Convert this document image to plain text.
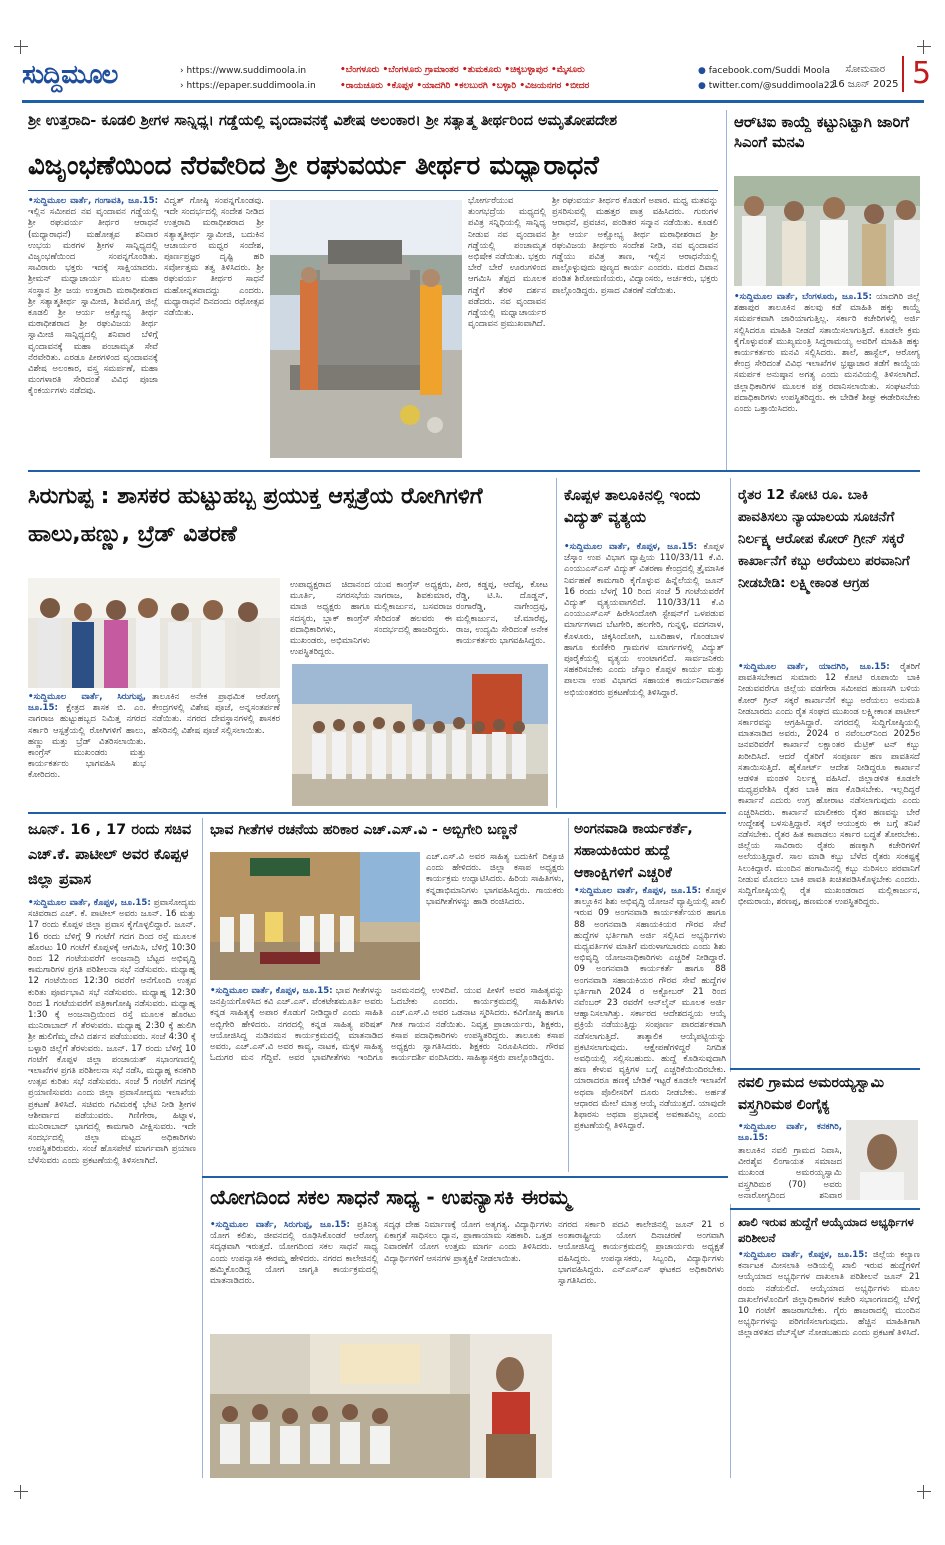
ಸುದ್ದಿಮೂಲ	› https://www.suddimoola.in
› https://epaper.suddimoola.in
•ಬೆಂಗಳೂರು •ಬೆಂಗಳೂರು ಗ್ರಾಮಾಂತರ •ತುಮಕೂರು •ಚಿಕ್ಕಬಳ್ಳಾಪುರ •ಮೈಸೂರು
•ರಾಯಚೂರು •ಕೊಪ್ಪಳ •ಯಾದಗಿರಿ •ಕಲಬುರಗಿ •ಬಳ್ಳಾರಿ •ವಿಜಯನಗರ •ಬೀದರ
● facebook.com/Suddi Moola
● twitter.com/@suddimoola22
ಸೋಮವಾರ
16 ಜೂನ್ 2025 5
ಶ್ರೀ ಉತ್ತರಾದಿ- ಕೂಡಲಿ ಶ್ರೀಗಳ ಸಾನ್ನಿಧ್ಯ। ಗಡ್ಡೆಯಲ್ಲಿ ವೃಂದಾವನಕ್ಕೆ ವಿಶೇಷ ಅಲಂಕಾರ। ಶ್ರೀ ಸತ್ಯಾತ್ಮ ತೀರ್ಥರಿಂದ ಅಮೃತೋಪದೇಶ
ವಿಜೃಂಭಣೆಯಿಂದ ನೆರವೇರಿದ ಶ್ರೀ ರಘುವರ್ಯ ತೀರ್ಥರ ಮಧ್ಯಾರಾಧನೆ
•ಸುದ್ದಿಮೂಲ ವಾರ್ತೆ, ಗಂಗಾವತಿ, ಜೂ.15: ಇಲ್ಲಿನ ಸಮೀಪದ ನವ ವೃಂದಾವನ ಗಡ್ಡೆಯಲ್ಲಿ ಶ್ರೀ ರಘುವರ್ಯ ತೀರ್ಥರ ಆರಾಧನೆ (ಮಧ್ಯಾರಾಧನೆ) ಮಹೋತ್ಸವ ಶನಿವಾರ ಉಭಯ ಮಠಗಳ ಶ್ರೀಗಳ ಸಾನ್ನಿಧ್ಯದಲ್ಲಿ ವಿಜೃಂಭಣೆಯಿಂದ ಸಂಪನ್ನಗೊಂಡಿತು. ಸಾವಿರಾರು ಭಕ್ತರು ಇದಕ್ಕೆ ಸಾಕ್ಷಿಯಾದರು. ಶ್ರೀಮನ್ ಮಧ್ವಾಚಾರ್ಯ ಮೂಲ ಮಹಾ ಸಂಸ್ಥಾನ ಶ್ರೀ ಜಯ ಉತ್ತರಾದಿ ಮಠಾಧೀಶರಾದ ಶ್ರೀ ಸತ್ಯಾತ್ಮತೀರ್ಥ ಸ್ವಾಮೀಜಿ, ಶಿವಮೊಗ್ಗ ಜಿಲ್ಲೆ ಕೂಡಲಿ ಶ್ರೀ ಆರ್ಯ ಅಕ್ಷೋಭ್ಯ ತೀರ್ಥ ಮಠಾಧೀಶರಾದ ಶ್ರೀ ರಘುವಿಜಯ ತೀರ್ಥ ಸ್ವಾಮೀಜಿ ಸಾನ್ನಿಧ್ಯದಲ್ಲಿ ಶನಿವಾರ ಬೆಳಿಗ್ಗೆ ವೃಂದಾವನಕ್ಕೆ ಮಹಾ ಪಂಚಾಮೃತ ಸೇವೆ ನೆರವೇರಿತು. ಎರಡೂ ಪೀಠಗಳಿಂದ ವೃಂದಾವನಕ್ಕೆ ವಿಶೇಷ ಅಲಂಕಾರ, ವಸ್ತ್ರ ಸಮರ್ಪಣೆ, ಮಹಾ ಮಂಗಳಾರತಿ ಸೇರಿದಂತೆ ವಿವಿಧ ಪೂಜಾ ಕೈಂಕರ್ಯಗಳು ನಡೆದವು.
ವಿದ್ವತ್ ಗೋಷ್ಠಿ ಸಂಪನ್ನಗೊಂಡವು. ಇದೇ ಸಂದರ್ಭದಲ್ಲಿ ಸಂದೇಶ ನೀಡಿದ ಉತ್ತರಾದಿ ಮಠಾಧೀಶರಾದ ಶ್ರೀ ಸತ್ಯಾತ್ಮತೀರ್ಥ ಸ್ವಾಮೀಜಿ, ಬದುಕಿನ ಆಚಾರ್ಯರ ಮಧ್ವರ ಸಂದೇಶ, ಪೂರ್ಣಪ್ರಜ್ಞರ ದೃಷ್ಟಿ ಹರಿ ಸರ್ವೋತ್ತಮ ತತ್ವ ತಿಳಿಸಿದರು. ಶ್ರೀ ರಘುವರ್ಯ ತೀರ್ಥರ ಸಾಧನೆ ಮಹೋನ್ನತವಾದದ್ದು ಎಂದರು. ಮಧ್ಯಾರಾಧನೆ ದಿನದಂದು ರಥೋತ್ಸವ ನಡೆಯಿತು.
ಭೋರ್ಗರೆಯುವ ತುಂಗಭದ್ರೆಯ ಮಧ್ಯದಲ್ಲಿ ಪವಿತ್ರ ಸನ್ನಿಧಿಯಲ್ಲಿ ಸಾನ್ನಿಧ್ಯ ನೀಡುವ ನವ ವೃಂದಾವನ ಗಡ್ಡೆಯಲ್ಲಿ ಪಂಚಾಮೃತ ಅಭಿಷೇಕ ನಡೆಯಿತು. ಭಕ್ತರು ಬೇರೆ ಬೇರೆ ಊರುಗಳಿಂದ ಆಗಮಿಸಿ ತೆಪ್ಪದ ಮೂಲಕ ಗಡ್ಡೆಗೆ ತೆರಳಿ ದರ್ಶನ ಪಡೆದರು. ನವ ವೃಂದಾವನ ಗಡ್ಡೆಯಲ್ಲಿ ಮಧ್ವಾಚಾರ್ಯರ ವೃಂದಾವನ ಪ್ರಮುಖವಾಗಿದೆ.
ಶ್ರೀ ರಘುವರ್ಯ ತೀರ್ಥರ ಕೊಡುಗೆ ಅಪಾರ. ಮಧ್ವ ಮತವನ್ನು ಪ್ರಸರಿಸುವಲ್ಲಿ ಮಹತ್ತರ ಪಾತ್ರ ವಹಿಸಿದರು. ಗುರುಗಳ ಆರಾಧನೆ, ಪ್ರವಚನ, ಪಂಡಿತರ ಸನ್ಮಾನ ನಡೆಯಿತು. ಕೂಡಲಿ ಶ್ರೀ ಆರ್ಯ ಅಕ್ಷೋಭ್ಯ ತೀರ್ಥ ಮಠಾಧೀಶರಾದ ಶ್ರೀ ರಘುವಿಜಯ ತೀರ್ಥರು ಸಂದೇಶ ನೀಡಿ, ನವ ವೃಂದಾವನ ಗಡ್ಡೆಯು ಪವಿತ್ರ ತಾಣ, ಇಲ್ಲಿನ ಆರಾಧನೆಯಲ್ಲಿ ಪಾಲ್ಗೊಳ್ಳುವುದು ಪುಣ್ಯದ ಕಾರ್ಯ ಎಂದರು. ಮಠದ ದಿವಾನ ಪಂಡಿತ ಶಿರೋಮಣಿಯರು, ವಿದ್ವಾಂಸರು, ಅರ್ಚಕರು, ಭಕ್ತರು ಪಾಲ್ಗೊಂಡಿದ್ದರು. ಪ್ರಸಾದ ವಿತರಣೆ ನಡೆಯಿತು.
ಆರ್‌ಟಿಐ ಕಾಯ್ದೆ ಕಟ್ಟುನಿಟ್ಟಾಗಿ ಜಾರಿಗೆ ಸಿಎಂಗೆ ಮನವಿ
•ಸುದ್ದಿಮೂಲ ವಾರ್ತೆ, ಬೆಂಗಳೂರು, ಜೂ.15: ಯಾದಗಿರಿ ಜಿಲ್ಲೆ ಶಹಾಪುರ ತಾಲೂಕಿನ ಹಲವು ಕಡೆ ಮಾಹಿತಿ ಹಕ್ಕು ಕಾಯ್ದೆ ಸಮರ್ಪಕವಾಗಿ ಜಾರಿಯಾಗುತ್ತಿಲ್ಲ. ಸರ್ಕಾರಿ ಕಚೇರಿಗಳಲ್ಲಿ ಅರ್ಜಿ ಸಲ್ಲಿಸಿದರೂ ಮಾಹಿತಿ ನೀಡದೆ ಸತಾಯಿಸಲಾಗುತ್ತಿದೆ. ಕೂಡಲೇ ಕ್ರಮ ಕೈಗೊಳ್ಳುವಂತೆ ಮುಖ್ಯಮಂತ್ರಿ ಸಿದ್ದರಾಮಯ್ಯ ಅವರಿಗೆ ಮಾಹಿತಿ ಹಕ್ಕು ಕಾರ್ಯಕರ್ತರು ಮನವಿ ಸಲ್ಲಿಸಿದರು. ಶಾಲೆ, ಹಾಸ್ಟೆಲ್, ಆರೋಗ್ಯ ಕೇಂದ್ರ ಸೇರಿದಂತೆ ವಿವಿಧ ಇಲಾಖೆಗಳ ಭ್ರಷ್ಟಾಚಾರ ತಡೆಗೆ ಕಾಯ್ದೆಯ ಸಮರ್ಪಕ ಅನುಷ್ಠಾನ ಅಗತ್ಯ ಎಂದು ಮನವಿಯಲ್ಲಿ ತಿಳಿಸಲಾಗಿದೆ. ಜಿಲ್ಲಾಧಿಕಾರಿಗಳ ಮೂಲಕ ಪತ್ರ ರವಾನಿಸಲಾಯಿತು. ಸಂಘಟನೆಯ ಪದಾಧಿಕಾರಿಗಳು ಉಪಸ್ಥಿತರಿದ್ದರು. ಈ ಬೇಡಿಕೆ ಶೀಘ್ರ ಈಡೇರಿಸಬೇಕು ಎಂದು ಒತ್ತಾಯಿಸಿದರು.
ಸಿರುಗುಪ್ಪ : ಶಾಸಕರ ಹುಟ್ಟುಹಬ್ಬ ಪ್ರಯುಕ್ತ ಆಸ್ಪತ್ರೆಯ ರೋಗಿಗಳಿಗೆ ಹಾಲು,ಹಣ್ಣು, ಬ್ರೆಡ್ ವಿತರಣೆ
•ಸುದ್ದಿಮೂಲ ವಾರ್ತೆ, ಸಿರುಗುಪ್ಪ, ಜೂ.15: ಕ್ಷೇತ್ರದ ಶಾಸಕ ಬಿ. ಎಂ. ನಾಗರಾಜ ಹುಟ್ಟುಹಬ್ಬದ ನಿಮಿತ್ತ ನಗರದ ಸರ್ಕಾರಿ ಆಸ್ಪತ್ರೆಯಲ್ಲಿ ರೋಗಿಗಳಿಗೆ ಹಾಲು, ಹಣ್ಣು ಮತ್ತು ಬ್ರೆಡ್ ವಿತರಿಸಲಾಯಿತು. ಕಾಂಗ್ರೆಸ್ ಮುಖಂಡರು ಮತ್ತು ಕಾರ್ಯಕರ್ತರು ಭಾಗವಹಿಸಿ ಶುಭ ಕೋರಿದರು.
ತಾಲೂಕಿನ ಅನೇಕ ಪ್ರಾಥಮಿಕ ಆರೋಗ್ಯ ಕೇಂದ್ರಗಳಲ್ಲಿ ವಿಶೇಷ ಪೂಜೆ, ಅನ್ನಸಂತರ್ಪಣೆ ನಡೆಯಿತು. ನಗರದ ದೇವಸ್ಥಾನಗಳಲ್ಲಿ ಶಾಸಕರ ಹೆಸರಿನಲ್ಲಿ ವಿಶೇಷ ಪೂಜೆ ಸಲ್ಲಿಸಲಾಯಿತು.
ಉಪಾಧ್ಯಕ್ಷರಾದ ಚಿದಾನಂದ ಮೂರ್ತಿ, ನಗರಸಭೆಯ ಮಾಜಿ ಅಧ್ಯಕ್ಷರು ಹಾಗೂ ಸದಸ್ಯರು, ಬ್ಲಾಕ್ ಕಾಂಗ್ರೆಸ್ ಪದಾಧಿಕಾರಿಗಳು, ಮುಖಂಡರು, ಅಭಿಮಾನಿಗಳು ಉಪಸ್ಥಿತರಿದ್ದರು.
ಯುವ ಕಾಂಗ್ರೆಸ್ ಅಧ್ಯಕ್ಷರು, ನಾಗರಾಜ, ಶಿವಕುಮಾರ, ಮಲ್ಲಿಕಾರ್ಜುನ, ಬಸವರಾಜ ಸೇರಿದಂತೆ ಹಲವರು ಈ ಸಂದರ್ಭದಲ್ಲಿ ಹಾಜರಿದ್ದರು.
ಪೀರ, ಕಡ್ಡಪ್ಪ, ಆದೆಪ್ಪ, ಕೋಟ ರೆಡ್ಡಿ, ಟಿ.ಸಿ. ದೊಡ್ಡನ್, ರಂಗಾರೆಡ್ಡಿ, ನಾಗೇಂದ್ರಪ್ಪ, ಮಲ್ಲಿಕಾರ್ಜುನ, ಜೆ.ಮಾರೆಪ್ಪ, ರಾಜ, ಉದ್ಯಮಿ ಸೇರಿದಂತೆ ಅನೇಕ ಕಾರ್ಯಕರ್ತರು ಭಾಗವಹಿಸಿದ್ದರು.
ಕೊಪ್ಪಳ ತಾಲೂಕಿನಲ್ಲಿ ಇಂದು ವಿದ್ಯುತ್ ವ್ಯತ್ಯಯ
•ಸುದ್ದಿಮೂಲ ವಾರ್ತೆ, ಕೊಪ್ಪಳ, ಜೂ.15: ಕೊಪ್ಪಳ ಜೆಸ್ಕಾಂ ಉಪ ವಿಭಾಗ ವ್ಯಾಪ್ತಿಯ 110/33/11 ಕೆ.ವಿ. ಎಂಯುಎಸ್‌ಎಸ್ ವಿದ್ಯುತ್ ವಿತರಣಾ ಕೇಂದ್ರದಲ್ಲಿ ತ್ರೈಮಾಸಿಕ ನಿರ್ವಹಣೆ ಕಾಮಗಾರಿ ಕೈಗೊಳ್ಳುವ ಹಿನ್ನೆಲೆಯಲ್ಲಿ ಜೂನ್ 16 ರಂದು ಬೆಳಗ್ಗೆ 10 ರಿಂದ ಸಂಜೆ 5 ಗಂಟೆಯವರೆಗೆ ವಿದ್ಯುತ್ ವ್ಯತ್ಯಯವಾಗಲಿದೆ. 110/33/11 ಕೆ.ವಿ ಎಂಯುಎಸ್ಎಸ್ ಹಿರೇಸಿಂದೋಗಿ ಸ್ಟೇಷನ್‌ಗೆ ಒಳಪಡುವ ಮಾರ್ಗಗಳಾದ ಬೆಟಗೇರಿ, ಹಲಗೇರಿ, ಗುನ್ನಳ್ಳಿ, ವದಗನಾಳ, ಕೊಳೂರು, ಚಿಕ್ಕಸಿಂದೋಗಿ, ಬೂದಿಹಾಳ, ಗೊಂಡಬಾಳ ಹಾಗೂ ಕುಣಿಕೇರಿ ಗ್ರಾಮಗಳ ಮಾರ್ಗಗಳಲ್ಲಿ ವಿದ್ಯುತ್ ಪೂರೈಕೆಯಲ್ಲಿ ವ್ಯತ್ಯಯ ಉಂಟಾಗಲಿದೆ. ಸಾರ್ವಜನಿಕರು ಸಹಕರಿಸಬೇಕು ಎಂದು ಜೆಸ್ಕಾಂ ಕೊಪ್ಪಳ ಕಾರ್ಯ ಮತ್ತು ಪಾಲನಾ ಉಪ ವಿಭಾಗದ ಸಹಾಯಕ ಕಾರ್ಯನಿರ್ವಾಹಕ ಅಭಿಯಂತರರು ಪ್ರಕಟಣೆಯಲ್ಲಿ ತಿಳಿಸಿದ್ದಾರೆ.
ರೈತರ 12 ಕೋಟಿ ರೂ. ಬಾಕಿ ಪಾವತಿಸಲು ನ್ಯಾಯಾಲಯ ಸೂಚನೆಗೆ ನಿರ್ಲಕ್ಷ್ಯ ಆರೋಪ ಕೋರ್ ಗ್ರೀನ್ ಸಕ್ಕರೆ ಕಾರ್ಖಾನೆಗೆ ಕಬ್ಬು ಅರೆಯಲು ಪರವಾನಿಗೆ ನೀಡಬೇಡಿ: ಲಕ್ಷ್ಮೀಕಾಂತ ಆಗ್ರಹ
•ಸುದ್ದಿಮೂಲ ವಾರ್ತೆ, ಯಾದಗಿರಿ, ಜೂ.15: ರೈತರಿಗೆ ಪಾವತಿಸಬೇಕಾದ ಸುಮಾರು 12 ಕೋಟಿ ರೂಪಾಯಿ ಬಾಕಿ ನೀಡುವವರೆಗೂ ಜಿಲ್ಲೆಯ ವಡಗೇರಾ ಸಮೀಪದ ಹುಣಸಗಿ ಬಳಿಯ ಕೋರ್ ಗ್ರೀನ್ ಸಕ್ಕರೆ ಕಾರ್ಖಾನೆಗೆ ಕಬ್ಬು ಅರೆಯಲು ಅನುಮತಿ ನೀಡಬಾರದು ಎಂದು ರೈತ ಸಂಘದ ಮುಖಂಡ ಲಕ್ಷ್ಮೀಕಾಂತ ಪಾಟೀಲ್ ಸರ್ಕಾರವನ್ನು ಆಗ್ರಹಿಸಿದ್ದಾರೆ. ನಗರದಲ್ಲಿ ಸುದ್ದಿಗೋಷ್ಠಿಯಲ್ಲಿ ಮಾತನಾಡಿದ ಅವರು, 2024 ರ ನವೆಂಬರ್‌ನಿಂದ 2025ರ ಜನವರಿವರೆಗೆ ಕಾರ್ಖಾನೆ ಲಕ್ಷಾಂತರ ಮೆಟ್ರಿಕ್ ಟನ್ ಕಬ್ಬು ಖರೀದಿಸಿದೆ. ಆದರೆ ರೈತರಿಗೆ ಸಂಪೂರ್ಣ ಹಣ ಪಾವತಿಸದೆ ಸತಾಯಿಸುತ್ತಿದೆ. ಹೈಕೋರ್ಟ್ ಆದೇಶ ನೀಡಿದ್ದರೂ ಕಾರ್ಖಾನೆ ಆಡಳಿತ ಮಂಡಳಿ ನಿರ್ಲಕ್ಷ್ಯ ವಹಿಸಿದೆ. ಜಿಲ್ಲಾಡಳಿತ ಕೂಡಲೇ ಮಧ್ಯಪ್ರವೇಶಿಸಿ ರೈತರ ಬಾಕಿ ಹಣ ಕೊಡಿಸಬೇಕು. ಇಲ್ಲದಿದ್ದರೆ ಕಾರ್ಖಾನೆ ಎದುರು ಉಗ್ರ ಹೋರಾಟ ನಡೆಸಲಾಗುವುದು ಎಂದು ಎಚ್ಚರಿಸಿದರು. ಕಾರ್ಖಾನೆ ಮಾಲೀಕರು ರೈತರ ಹಣವನ್ನು ಬೇರೆ ಉದ್ದೇಶಕ್ಕೆ ಬಳಸುತ್ತಿದ್ದಾರೆ. ಸಕ್ಕರೆ ಆಯುಕ್ತರು ಈ ಬಗ್ಗೆ ತನಿಖೆ ನಡೆಸಬೇಕು. ರೈತರ ಹಿತ ಕಾಪಾಡಲು ಸರ್ಕಾರ ಬದ್ಧತೆ ತೋರಬೇಕು. ಜಿಲ್ಲೆಯ ಸಾವಿರಾರು ರೈತರು ಹಣಕ್ಕಾಗಿ ಕಚೇರಿಗಳಿಗೆ ಅಲೆಯುತ್ತಿದ್ದಾರೆ. ಸಾಲ ಮಾಡಿ ಕಬ್ಬು ಬೆಳೆದ ರೈತರು ಸಂಕಷ್ಟಕ್ಕೆ ಸಿಲುಕಿದ್ದಾರೆ. ಮುಂದಿನ ಹಂಗಾಮಿನಲ್ಲಿ ಕಬ್ಬು ನುರಿಸಲು ಪರವಾನಿಗೆ ನೀಡುವ ಮೊದಲು ಬಾಕಿ ಪಾವತಿ ಖಚಿತಪಡಿಸಿಕೊಳ್ಳಬೇಕು ಎಂದರು. ಸುದ್ದಿಗೋಷ್ಠಿಯಲ್ಲಿ ರೈತ ಮುಖಂಡರಾದ ಮಲ್ಲಿಕಾರ್ಜುನ, ಭೀಮರಾಯ, ಶರಣಪ್ಪ, ಹಣಮಂತ ಉಪಸ್ಥಿತರಿದ್ದರು.
ಜೂನ್. 16 , 17 ರಂದು ಸಚಿವ ಎಚ್.ಕೆ. ಪಾಟೀಲ್ ಅವರ ಕೊಪ್ಪಳ ಜಿಲ್ಲಾ ಪ್ರವಾಸ
•ಸುದ್ದಿಮೂಲ ವಾರ್ತೆ, ಕೊಪ್ಪಳ, ಜೂ.15: ಪ್ರವಾಸೋದ್ಯಮ ಸಚಿವರಾದ ಎಚ್. ಕೆ. ಪಾಟೀಲ್ ಅವರು ಜೂನ್. 16 ಮತ್ತು 17 ರಂದು ಕೊಪ್ಪಳ ಜಿಲ್ಲಾ ಪ್ರವಾಸ ಕೈಗೊಳ್ಳಲಿದ್ದಾರೆ. ಜೂನ್. 16 ರಂದು ಬೆಳಿಗ್ಗೆ 9 ಗಂಟೆಗೆ ಗದಗ ದಿಂದ ರಸ್ತೆ ಮೂಲಕ ಹೊರಟು 10 ಗಂಟೆಗೆ ಕೊಪ್ಪಳಕ್ಕೆ ಆಗಮಿಸಿ, ಬೆಳಿಗ್ಗೆ 10:30 ರಿಂದ 12 ಗಂಟೆಯವರೆಗೆ ಅಂಜನಾದ್ರಿ ಬೆಟ್ಟದ ಅಭಿವೃದ್ಧಿ ಕಾಮಗಾರಿಗಳ ಪ್ರಗತಿ ಪರಿಶೀಲನಾ ಸಭೆ ನಡೆಸುವರು. ಮಧ್ಯಾಹ್ನ 12 ಗಂಟೆಯಿಂದ 12:30 ರವರೆಗೆ ಆನೆಗೊಂದಿ ಉತ್ಸವ ಕುರಿತು ಪೂರ್ವಭಾವಿ ಸಭೆ ನಡೆಸುವರು. ಮಧ್ಯಾಹ್ನ 12:30 ರಿಂದ 1 ಗಂಟೆಯವರೆಗೆ ಪತ್ರಿಕಾಗೋಷ್ಠಿ ನಡೆಸುವರು. ಮಧ್ಯಾಹ್ನ 1:30 ಕ್ಕೆ ಅಂಜನಾದ್ರಿಯಿಂದ ರಸ್ತೆ ಮೂಲಕ ಹೊರಟು ಮುನಿರಾಬಾದ್ ಗೆ ತೆರಳುವರು. ಮಧ್ಯಾಹ್ನ 2:30 ಕ್ಕೆ ಹುಲಿಗಿ ಶ್ರೀ ಹುಲಿಗೆಮ್ಮ ದೇವಿ ದರ್ಶನ ಪಡೆಯುವರು. ಸಂಜೆ 4:30 ಕ್ಕೆ ಬಳ್ಳಾರಿ ಜಿಲ್ಲೆಗೆ ತೆರಳುವರು. ಜೂನ್. 17 ರಂದು ಬೆಳಿಗ್ಗೆ 10 ಗಂಟೆಗೆ ಕೊಪ್ಪಳ ಜಿಲ್ಲಾ ಪಂಚಾಯತ್ ಸಭಾಂಗಣದಲ್ಲಿ ಇಲಾಖೆಗಳ ಪ್ರಗತಿ ಪರಿಶೀಲನಾ ಸಭೆ ನಡೆಸಿ, ಮಧ್ಯಾಹ್ನ ಕನಕಗಿರಿ ಉತ್ಸವ ಕುರಿತು ಸಭೆ ನಡೆಸುವರು. ಸಂಜೆ 5 ಗಂಟೆಗೆ ಗದಗಕ್ಕೆ ಪ್ರಯಾಣಿಸುವರು ಎಂದು ಜಿಲ್ಲಾ ಪ್ರವಾಸೋದ್ಯಮ ಇಲಾಖೆಯ ಪ್ರಕಟಣೆ ತಿಳಿಸಿದೆ. ಸಚಿವರು ಗವಿಮಠಕ್ಕೆ ಭೇಟಿ ನೀಡಿ ಶ್ರೀಗಳ ಆಶೀರ್ವಾದ ಪಡೆಯುವರು. ಗಿಣಿಗೇರಾ, ಹಿಟ್ನಾಳ, ಮುನಿರಾಬಾದ್ ಭಾಗದಲ್ಲಿ ಕಾಮಗಾರಿ ವೀಕ್ಷಿಸುವರು. ಇದೇ ಸಂದರ್ಭದಲ್ಲಿ ಜಿಲ್ಲಾ ಮಟ್ಟದ ಅಧಿಕಾರಿಗಳು ಉಪಸ್ಥಿತರಿರುವರು. ಸಂಜೆ ಹೊಸಪೇಟೆ ಮಾರ್ಗವಾಗಿ ಪ್ರಯಾಣ ಬೆಳೆಸುವರು ಎಂದು ಪ್ರಕಟಣೆಯಲ್ಲಿ ತಿಳಿಸಲಾಗಿದೆ.
ಭಾವ ಗೀತೆಗಳ ರಚನೆಯ ಹರಿಕಾರ ಎಚ್.ಎಸ್.ವಿ - ಅಬ್ಬಿಗೇರಿ ಬಣ್ಣನೆ
ಎಚ್.ಎಸ್.ವಿ ಅವರ ಸಾಹಿತ್ಯ ಬದುಕಿಗೆ ದಿಕ್ಸೂಚಿ ಎಂದು ಹೇಳಿದರು. ಜಿಲ್ಲಾ ಕಸಾಪ ಅಧ್ಯಕ್ಷರು ಕಾರ್ಯಕ್ರಮ ಉದ್ಘಾಟಿಸಿದರು. ಹಿರಿಯ ಸಾಹಿತಿಗಳು, ಕನ್ನಡಾಭಿಮಾನಿಗಳು ಭಾಗವಹಿಸಿದ್ದರು. ಗಾಯಕರು ಭಾವಗೀತೆಗಳನ್ನು ಹಾಡಿ ರಂಜಿಸಿದರು.
•ಸುದ್ದಿಮೂಲ ವಾರ್ತೆ, ಕೊಪ್ಪಳ, ಜೂ.15: ಭಾವ ಗೀತೆಗಳನ್ನು ಜನಪ್ರಿಯಗೊಳಿಸಿದ ಕವಿ ಎಚ್.ಎಸ್. ವೆಂಕಟೇಶಮೂರ್ತಿ ಅವರು ಕನ್ನಡ ಸಾಹಿತ್ಯಕ್ಕೆ ಅಪಾರ ಕೊಡುಗೆ ನೀಡಿದ್ದಾರೆ ಎಂದು ಸಾಹಿತಿ ಅಬ್ಬಿಗೇರಿ ಹೇಳಿದರು. ನಗರದಲ್ಲಿ ಕನ್ನಡ ಸಾಹಿತ್ಯ ಪರಿಷತ್ ಆಯೋಜಿಸಿದ್ದ ನುಡಿನಮನ ಕಾರ್ಯಕ್ರಮದಲ್ಲಿ ಮಾತನಾಡಿದ ಅವರು, ಎಚ್.ಎಸ್.ವಿ ಅವರ ಕಾವ್ಯ, ನಾಟಕ, ಮಕ್ಕಳ ಸಾಹಿತ್ಯ ಓದುಗರ ಮನ ಗೆದ್ದಿವೆ. ಅವರ ಭಾವಗೀತೆಗಳು ಇಂದಿಗೂ ಜನಮನದಲ್ಲಿ ಉಳಿದಿವೆ. ಯುವ ಪೀಳಿಗೆ ಅವರ ಸಾಹಿತ್ಯವನ್ನು ಓದಬೇಕು ಎಂದರು. ಕಾರ್ಯಕ್ರಮದಲ್ಲಿ ಸಾಹಿತಿಗಳು ಎಚ್.ಎಸ್.ವಿ ಅವರ ಒಡನಾಟ ಸ್ಮರಿಸಿದರು. ಕವಿಗೋಷ್ಠಿ ಹಾಗೂ ಗೀತ ಗಾಯನ ನಡೆಯಿತು. ನಿವೃತ್ತ ಪ್ರಾಚಾರ್ಯರು, ಶಿಕ್ಷಕರು, ಕಸಾಪ ಪದಾಧಿಕಾರಿಗಳು ಉಪಸ್ಥಿತರಿದ್ದರು. ತಾಲೂಕು ಕಸಾಪ ಅಧ್ಯಕ್ಷರು ಸ್ವಾಗತಿಸಿದರು. ಶಿಕ್ಷಕರು ನಿರೂಪಿಸಿದರು. ಗೌರವ ಕಾರ್ಯದರ್ಶಿ ವಂದಿಸಿದರು. ಸಾಹಿತ್ಯಾಸಕ್ತರು ಪಾಲ್ಗೊಂಡಿದ್ದರು.
ಅಂಗನವಾಡಿ ಕಾರ್ಯಕರ್ತೆ, ಸಹಾಯಕಿಯರ ಹುದ್ದೆ ಆಕಾಂಕ್ಷಿಗಳಿಗೆ ಎಚ್ಚರಿಕೆ
•ಸುದ್ದಿಮೂಲ ವಾರ್ತೆ, ಕೊಪ್ಪಳ, ಜೂ.15: ಕೊಪ್ಪಳ ತಾಲ್ಲೂಕಿನ ಶಿಶು ಅಭಿವೃದ್ಧಿ ಯೋಜನೆ ವ್ಯಾಪ್ತಿಯಲ್ಲಿ ಖಾಲಿ ಇರುವ 09 ಅಂಗನವಾಡಿ ಕಾರ್ಯಕರ್ತೆಯರ ಹಾಗೂ 88 ಅಂಗನವಾಡಿ ಸಹಾಯಕಿಯರ ಗೌರವ ಸೇವೆ ಹುದ್ದೆಗಳ ಭರ್ತಿಗಾಗಿ ಅರ್ಜಿ ಸಲ್ಲಿಸಿದ ಅಭ್ಯರ್ಥಿಗಳು ಮಧ್ಯವರ್ತಿಗಳ ಮಾತಿಗೆ ಮರುಳಾಗಬಾರದು ಎಂದು ಶಿಶು ಅಭಿವೃದ್ಧಿ ಯೋಜನಾಧಿಕಾರಿಗಳು ಎಚ್ಚರಿಕೆ ನೀಡಿದ್ದಾರೆ. 09 ಅಂಗನವಾಡಿ ಕಾರ್ಯಕರ್ತೆ ಹಾಗೂ 88 ಅಂಗನವಾಡಿ ಸಹಾಯಕಿಯರ ಗೌರವ ಸೇವೆ ಹುದ್ದೆಗಳ ಭರ್ತಿಗಾಗಿ 2024 ರ ಅಕ್ಟೋಬರ್ 21 ರಿಂದ ನವೆಂಬರ್ 23 ರವರೆಗೆ ಆನ್‌ಲೈನ್ ಮೂಲಕ ಅರ್ಜಿ ಆಹ್ವಾನಿಸಲಾಗಿತ್ತು. ಸರ್ಕಾರದ ಆದೇಶದನ್ವಯ ಆಯ್ಕೆ ಪ್ರಕ್ರಿಯೆ ನಡೆಯುತ್ತಿದ್ದು ಸಂಪೂರ್ಣ ಪಾರದರ್ಶಕವಾಗಿ ನಡೆಸಲಾಗುತ್ತಿದೆ. ತಾತ್ಕಾಲಿಕ ಆಯ್ಕೆಪಟ್ಟಿಯನ್ನು ಪ್ರಕಟಿಸಲಾಗುವುದು. ಆಕ್ಷೇಪಣೆಗಳಿದ್ದರೆ ನಿಗದಿತ ಅವಧಿಯಲ್ಲಿ ಸಲ್ಲಿಸಬಹುದು. ಹುದ್ದೆ ಕೊಡಿಸುವುದಾಗಿ ಹಣ ಕೇಳುವ ವ್ಯಕ್ತಿಗಳ ಬಗ್ಗೆ ಎಚ್ಚರಿಕೆಯಿಂದಿರಬೇಕು. ಯಾರಾದರೂ ಹಣಕ್ಕೆ ಬೇಡಿಕೆ ಇಟ್ಟರೆ ಕೂಡಲೇ ಇಲಾಖೆಗೆ ಅಥವಾ ಪೊಲೀಸರಿಗೆ ದೂರು ನೀಡಬೇಕು. ಅರ್ಹತೆ ಆಧಾರದ ಮೇಲೆ ಮಾತ್ರ ಆಯ್ಕೆ ನಡೆಯುತ್ತದೆ. ಯಾವುದೇ ಶಿಫಾರಸು ಅಥವಾ ಪ್ರಭಾವಕ್ಕೆ ಅವಕಾಶವಿಲ್ಲ ಎಂದು ಪ್ರಕಟಣೆಯಲ್ಲಿ ತಿಳಿಸಿದ್ದಾರೆ.
ನವಲಿ ಗ್ರಾಮದ ಅಮರಯ್ಯಸ್ವಾಮಿ ವಸ್ತ್ರಗಿರಿಮಠ ಲಿಂಗೈಕ್ಯ
•ಸುದ್ದಿಮೂಲ ವಾರ್ತೆ, ಕನಕಗಿರಿ, ಜೂ.15:
ತಾಲೂಕಿನ ನವಲಿ ಗ್ರಾಮದ ನಿವಾಸಿ, ವೀರಶೈವ ಲಿಂಗಾಯತ ಸಮಾಜದ ಮುಖಂಡ ಅಮರಯ್ಯಸ್ವಾಮಿ ವಸ್ತ್ರಗಿರಿಮಠ (70) ಅವರು ಅನಾರೋಗ್ಯದಿಂದ ಶನಿವಾರ
ಯೋಗದಿಂದ ಸಕಲ ಸಾಧನೆ ಸಾಧ್ಯ - ಉಪನ್ಯಾಸಕಿ ಈರಮ್ಮ
•ಸುದ್ದಿಮೂಲ ವಾರ್ತೆ, ಸಿರುಗುಪ್ಪ, ಜೂ.15: ಪ್ರತಿನಿತ್ಯ ಯೋಗ ಕಲಿತು, ಜೀವನದಲ್ಲಿ ರೂಢಿಸಿಕೊಂಡರೆ ಆರೋಗ್ಯ ಸದೃಢವಾಗಿ ಇರುತ್ತದೆ. ಯೋಗದಿಂದ ಸಕಲ ಸಾಧನೆ ಸಾಧ್ಯ ಎಂದು ಉಪನ್ಯಾಸಕಿ ಈರಮ್ಮ ಹೇಳಿದರು. ನಗರದ ಕಾಲೇಜಿನಲ್ಲಿ ಹಮ್ಮಿಕೊಂಡಿದ್ದ ಯೋಗ ಜಾಗೃತಿ ಕಾರ್ಯಕ್ರಮದಲ್ಲಿ ಮಾತನಾಡಿದರು.
ಸದೃಢ ದೇಹ ನಿರ್ಮಾಣಕ್ಕೆ ಯೋಗ ಅತ್ಯಗತ್ಯ. ವಿದ್ಯಾರ್ಥಿಗಳು ಏಕಾಗ್ರತೆ ಸಾಧಿಸಲು ಧ್ಯಾನ, ಪ್ರಾಣಾಯಾಮ ಸಹಕಾರಿ. ಒತ್ತಡ ನಿವಾರಣೆಗೆ ಯೋಗ ಉತ್ತಮ ಮಾರ್ಗ ಎಂದು ತಿಳಿಸಿದರು. ವಿದ್ಯಾರ್ಥಿಗಳಿಗೆ ಆಸನಗಳ ಪ್ರಾತ್ಯಕ್ಷಿಕೆ ನೀಡಲಾಯಿತು.
ನಗರದ ಸರ್ಕಾರಿ ಪದವಿ ಕಾಲೇಜಿನಲ್ಲಿ ಜೂನ್ 21 ರ ಅಂತಾರಾಷ್ಟ್ರೀಯ ಯೋಗ ದಿನಾಚರಣೆ ಅಂಗವಾಗಿ ಆಯೋಜಿಸಿದ್ದ ಕಾರ್ಯಕ್ರಮದಲ್ಲಿ ಪ್ರಾಚಾರ್ಯರು ಅಧ್ಯಕ್ಷತೆ ವಹಿಸಿದ್ದರು. ಉಪನ್ಯಾಸಕರು, ಸಿಬ್ಬಂದಿ, ವಿದ್ಯಾರ್ಥಿಗಳು ಭಾಗವಹಿಸಿದ್ದರು. ಎನ್‌ಎಸ್‌ಎಸ್ ಘಟಕದ ಅಧಿಕಾರಿಗಳು ಸ್ವಾಗತಿಸಿದರು.
ಖಾಲಿ ಇರುವ ಹುದ್ದೆಗೆ ಆಯ್ಕೆಯಾದ ಅಭ್ಯರ್ಥಿಗಳ ಪರಿಶೀಲನೆ
•ಸುದ್ದಿಮೂಲ ವಾರ್ತೆ, ಕೊಪ್ಪಳ, ಜೂ.15: ಜಿಲ್ಲೆಯ ಕಲ್ಯಾಣ ಕರ್ನಾಟಕ ಮೀಸಲಾತಿ ಅಡಿಯಲ್ಲಿ ಖಾಲಿ ಇರುವ ಹುದ್ದೆಗಳಿಗೆ ಆಯ್ಕೆಯಾದ ಅಭ್ಯರ್ಥಿಗಳ ದಾಖಲಾತಿ ಪರಿಶೀಲನೆ ಜೂನ್ 21 ರಂದು ನಡೆಯಲಿದೆ. ಆಯ್ಕೆಯಾದ ಅಭ್ಯರ್ಥಿಗಳು ಮೂಲ ದಾಖಲೆಗಳೊಂದಿಗೆ ಜಿಲ್ಲಾಧಿಕಾರಿಗಳ ಕಚೇರಿ ಸಭಾಂಗಣದಲ್ಲಿ ಬೆಳಿಗ್ಗೆ 10 ಗಂಟೆಗೆ ಹಾಜರಾಗಬೇಕು. ಗೈರು ಹಾಜರಾದಲ್ಲಿ ಮುಂದಿನ ಅಭ್ಯರ್ಥಿಗಳನ್ನು ಪರಿಗಣಿಸಲಾಗುವುದು. ಹೆಚ್ಚಿನ ಮಾಹಿತಿಗಾಗಿ ಜಿಲ್ಲಾಡಳಿತದ ವೆಬ್‌ಸೈಟ್ ನೋಡಬಹುದು ಎಂದು ಪ್ರಕಟಣೆ ತಿಳಿಸಿದೆ.
